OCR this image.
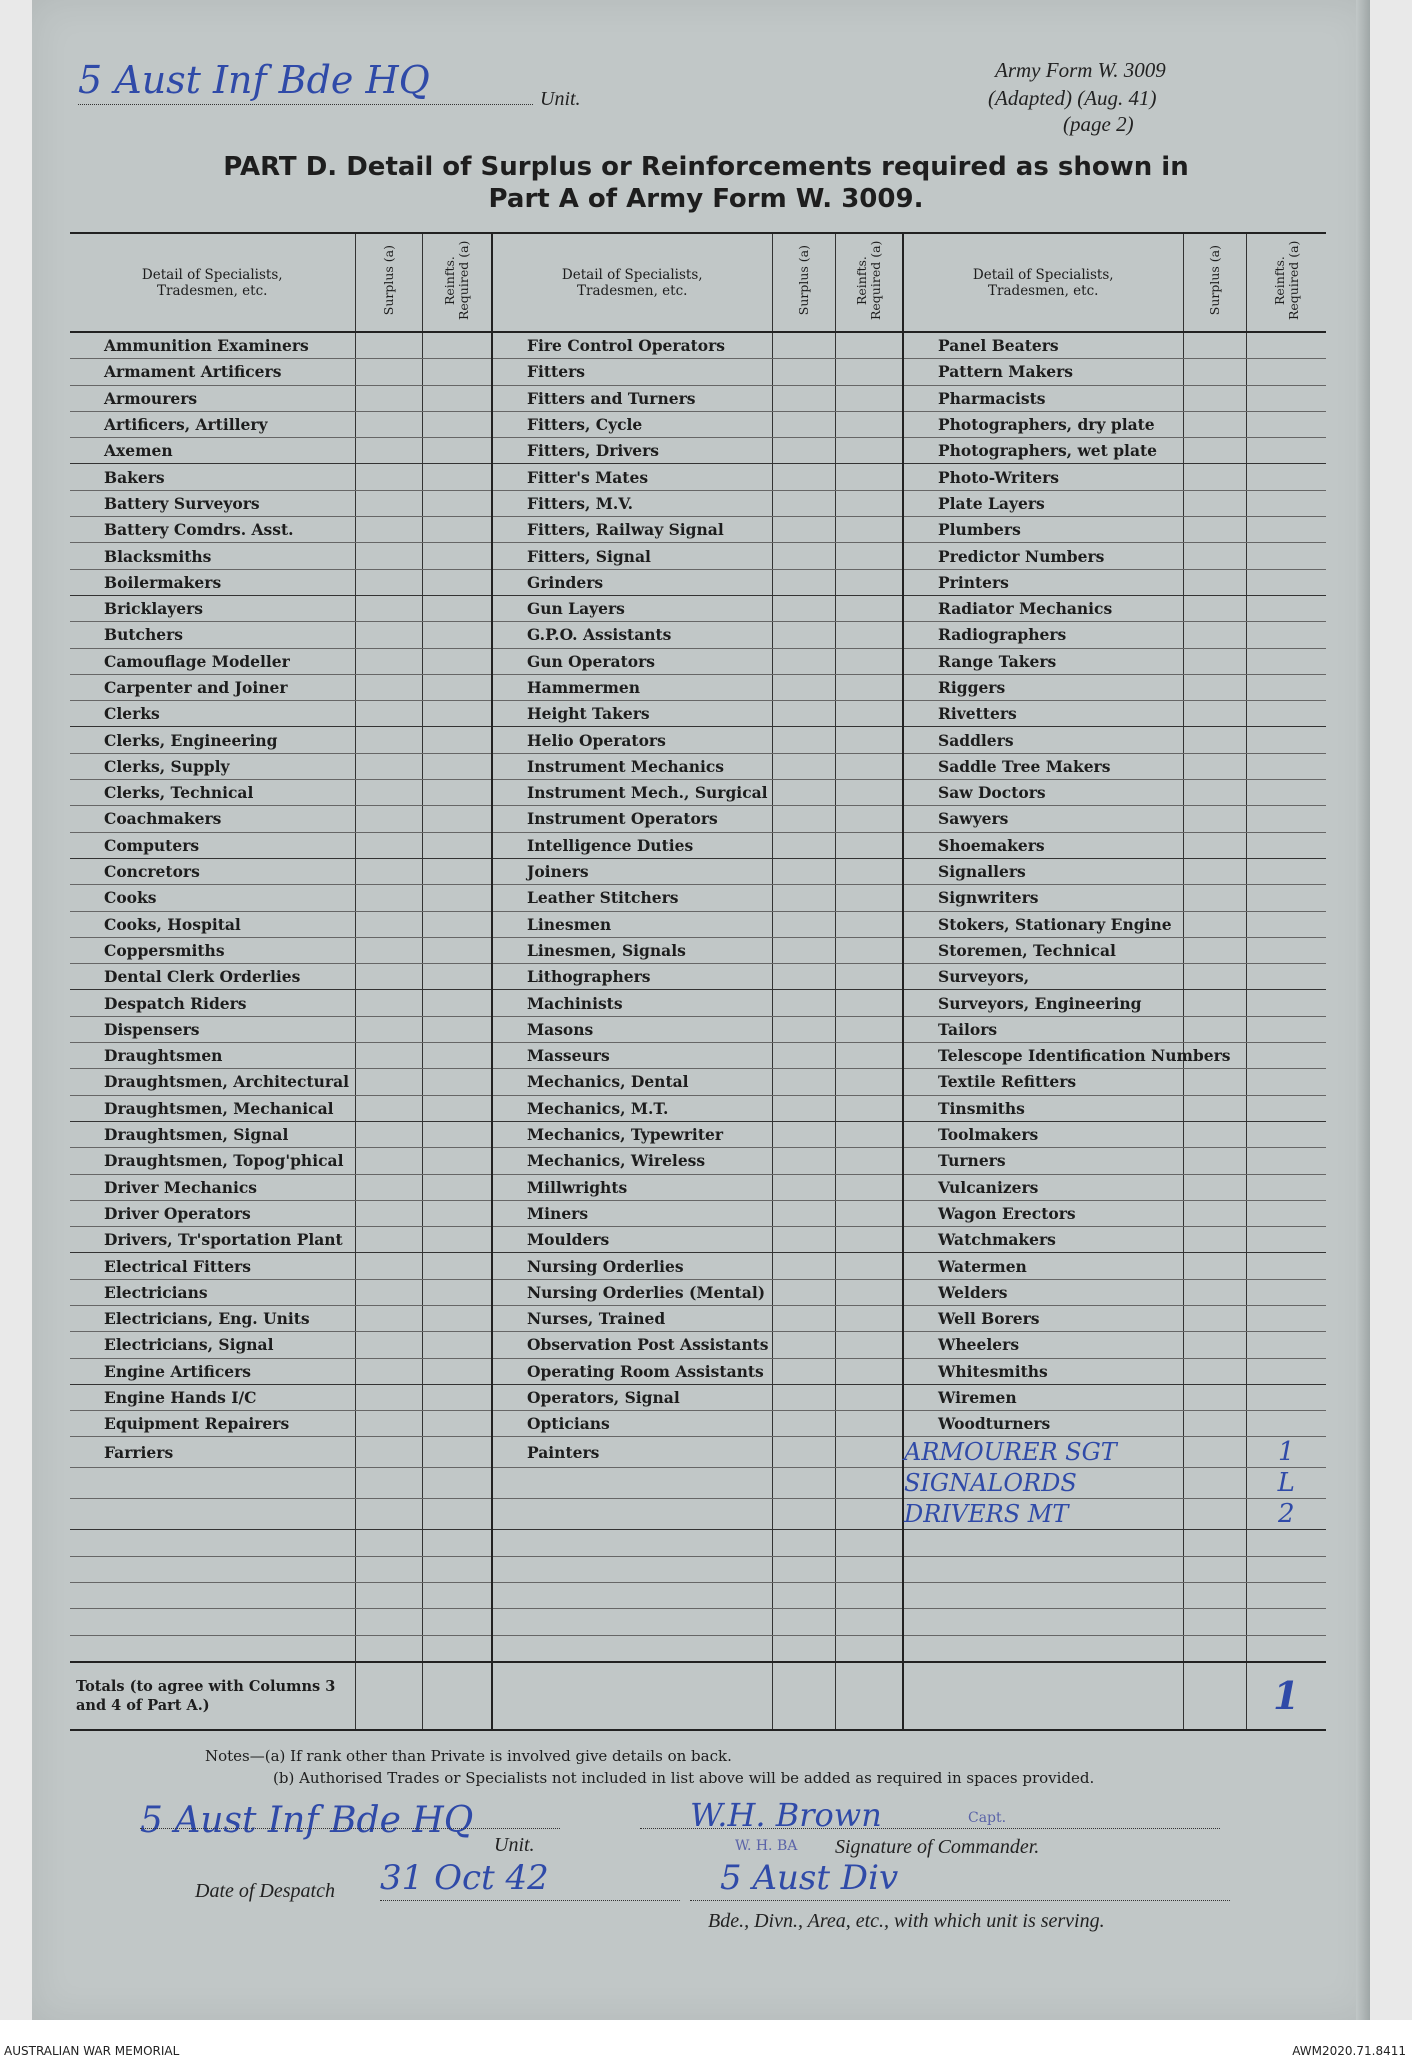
5 Aust Inf Bde HQ	Unit.
Army Form W. 3009
(Adapted) (Aug. 41)
(page 2)
PART D. Detail of Surplus or Reinforcements required as shown in
Part A of Army Form W. 3009.
Detail of Specialists, Tradesmen, etc.	Surplus (a)	Reinfts. Required (a)	Detail of Specialists, Tradesmen, etc.	Surplus (a)	Reinfts. Required (a)	Detail of Specialists, Tradesmen, etc.	Surplus (a)	Reinfts. Required (a)
Ammunition Examiners			Fire Control Operators			Panel Beaters		
Armament Artificers			Fitters			Pattern Makers		
Armourers			Fitters and Turners			Pharmacists		
Artificers, Artillery			Fitters, Cycle			Photographers, dry plate		
Axemen			Fitters, Drivers			Photographers, wet plate		
Bakers			Fitter's Mates			Photo-Writers		
Battery Surveyors			Fitters, M.V.			Plate Layers		
Battery Comdrs. Asst.			Fitters, Railway Signal			Plumbers		
Blacksmiths			Fitters, Signal			Predictor Numbers		
Boilermakers			Grinders			Printers		
Bricklayers			Gun Layers			Radiator Mechanics		
Butchers			G.P.O. Assistants			Radiographers		
Camouflage Modeller			Gun Operators			Range Takers		
Carpenter and Joiner			Hammermen			Riggers		
Clerks			Height Takers			Rivetters		
Clerks, Engineering			Helio Operators			Saddlers		
Clerks, Supply			Instrument Mechanics			Saddle Tree Makers		
Clerks, Technical			Instrument Mech., Surgical			Saw Doctors		
Coachmakers			Instrument Operators			Sawyers		
Computers			Intelligence Duties			Shoemakers		
Concretors			Joiners			Signallers		
Cooks			Leather Stitchers			Signwriters		
Cooks, Hospital			Linesmen			Stokers, Stationary Engine		
Coppersmiths			Linesmen, Signals			Storemen, Technical		
Dental Clerk Orderlies			Lithographers			Surveyors,		
Despatch Riders			Machinists			Surveyors, Engineering		
Dispensers			Masons			Tailors		
Draughtsmen			Masseurs			Telescope Identification Numbers		
Draughtsmen, Architectural			Mechanics, Dental			Textile Refitters		
Draughtsmen, Mechanical			Mechanics, M.T.			Tinsmiths		
Draughtsmen, Signal			Mechanics, Typewriter			Toolmakers		
Draughtsmen, Topog'phical			Mechanics, Wireless			Turners		
Driver Mechanics			Millwrights			Vulcanizers		
Driver Operators			Miners			Wagon Erectors		
Drivers, Tr'sportation Plant			Moulders			Watchmakers		
Electrical Fitters			Nursing Orderlies			Watermen		
Electricians			Nursing Orderlies (Mental)			Welders		
Electricians, Eng. Units			Nurses, Trained			Well Borers		
Electricians, Signal			Observation Post Assistants			Wheelers		
Engine Artificers			Operating Room Assistants			Whitesmiths		
Engine Hands I/C			Operators, Signal			Wiremen		
Equipment Repairers			Opticians			Woodturners		
Farriers			Painters			ARMOURER SGT		1

						SIGNALORDS		L

						DRIVERS MT		2

Totals (to agree with Columns 3 and 4 of Part A.)								1
Notes—(a) If rank other than Private is involved give details on back.
(b) Authorised Trades or Specialists not included in list above will be added as required in spaces provided.
5 Aust Inf Bde HQ
Unit.
W.H. Brown	Capt.
W. H. BA Signature of Commander.
Date of Despatch 31 Oct 42	5 Aust Div
Bde., Divn., Area, etc., with which unit is serving.
AUSTRALIAN WAR MEMORIAL	AWM2020.71.8411
